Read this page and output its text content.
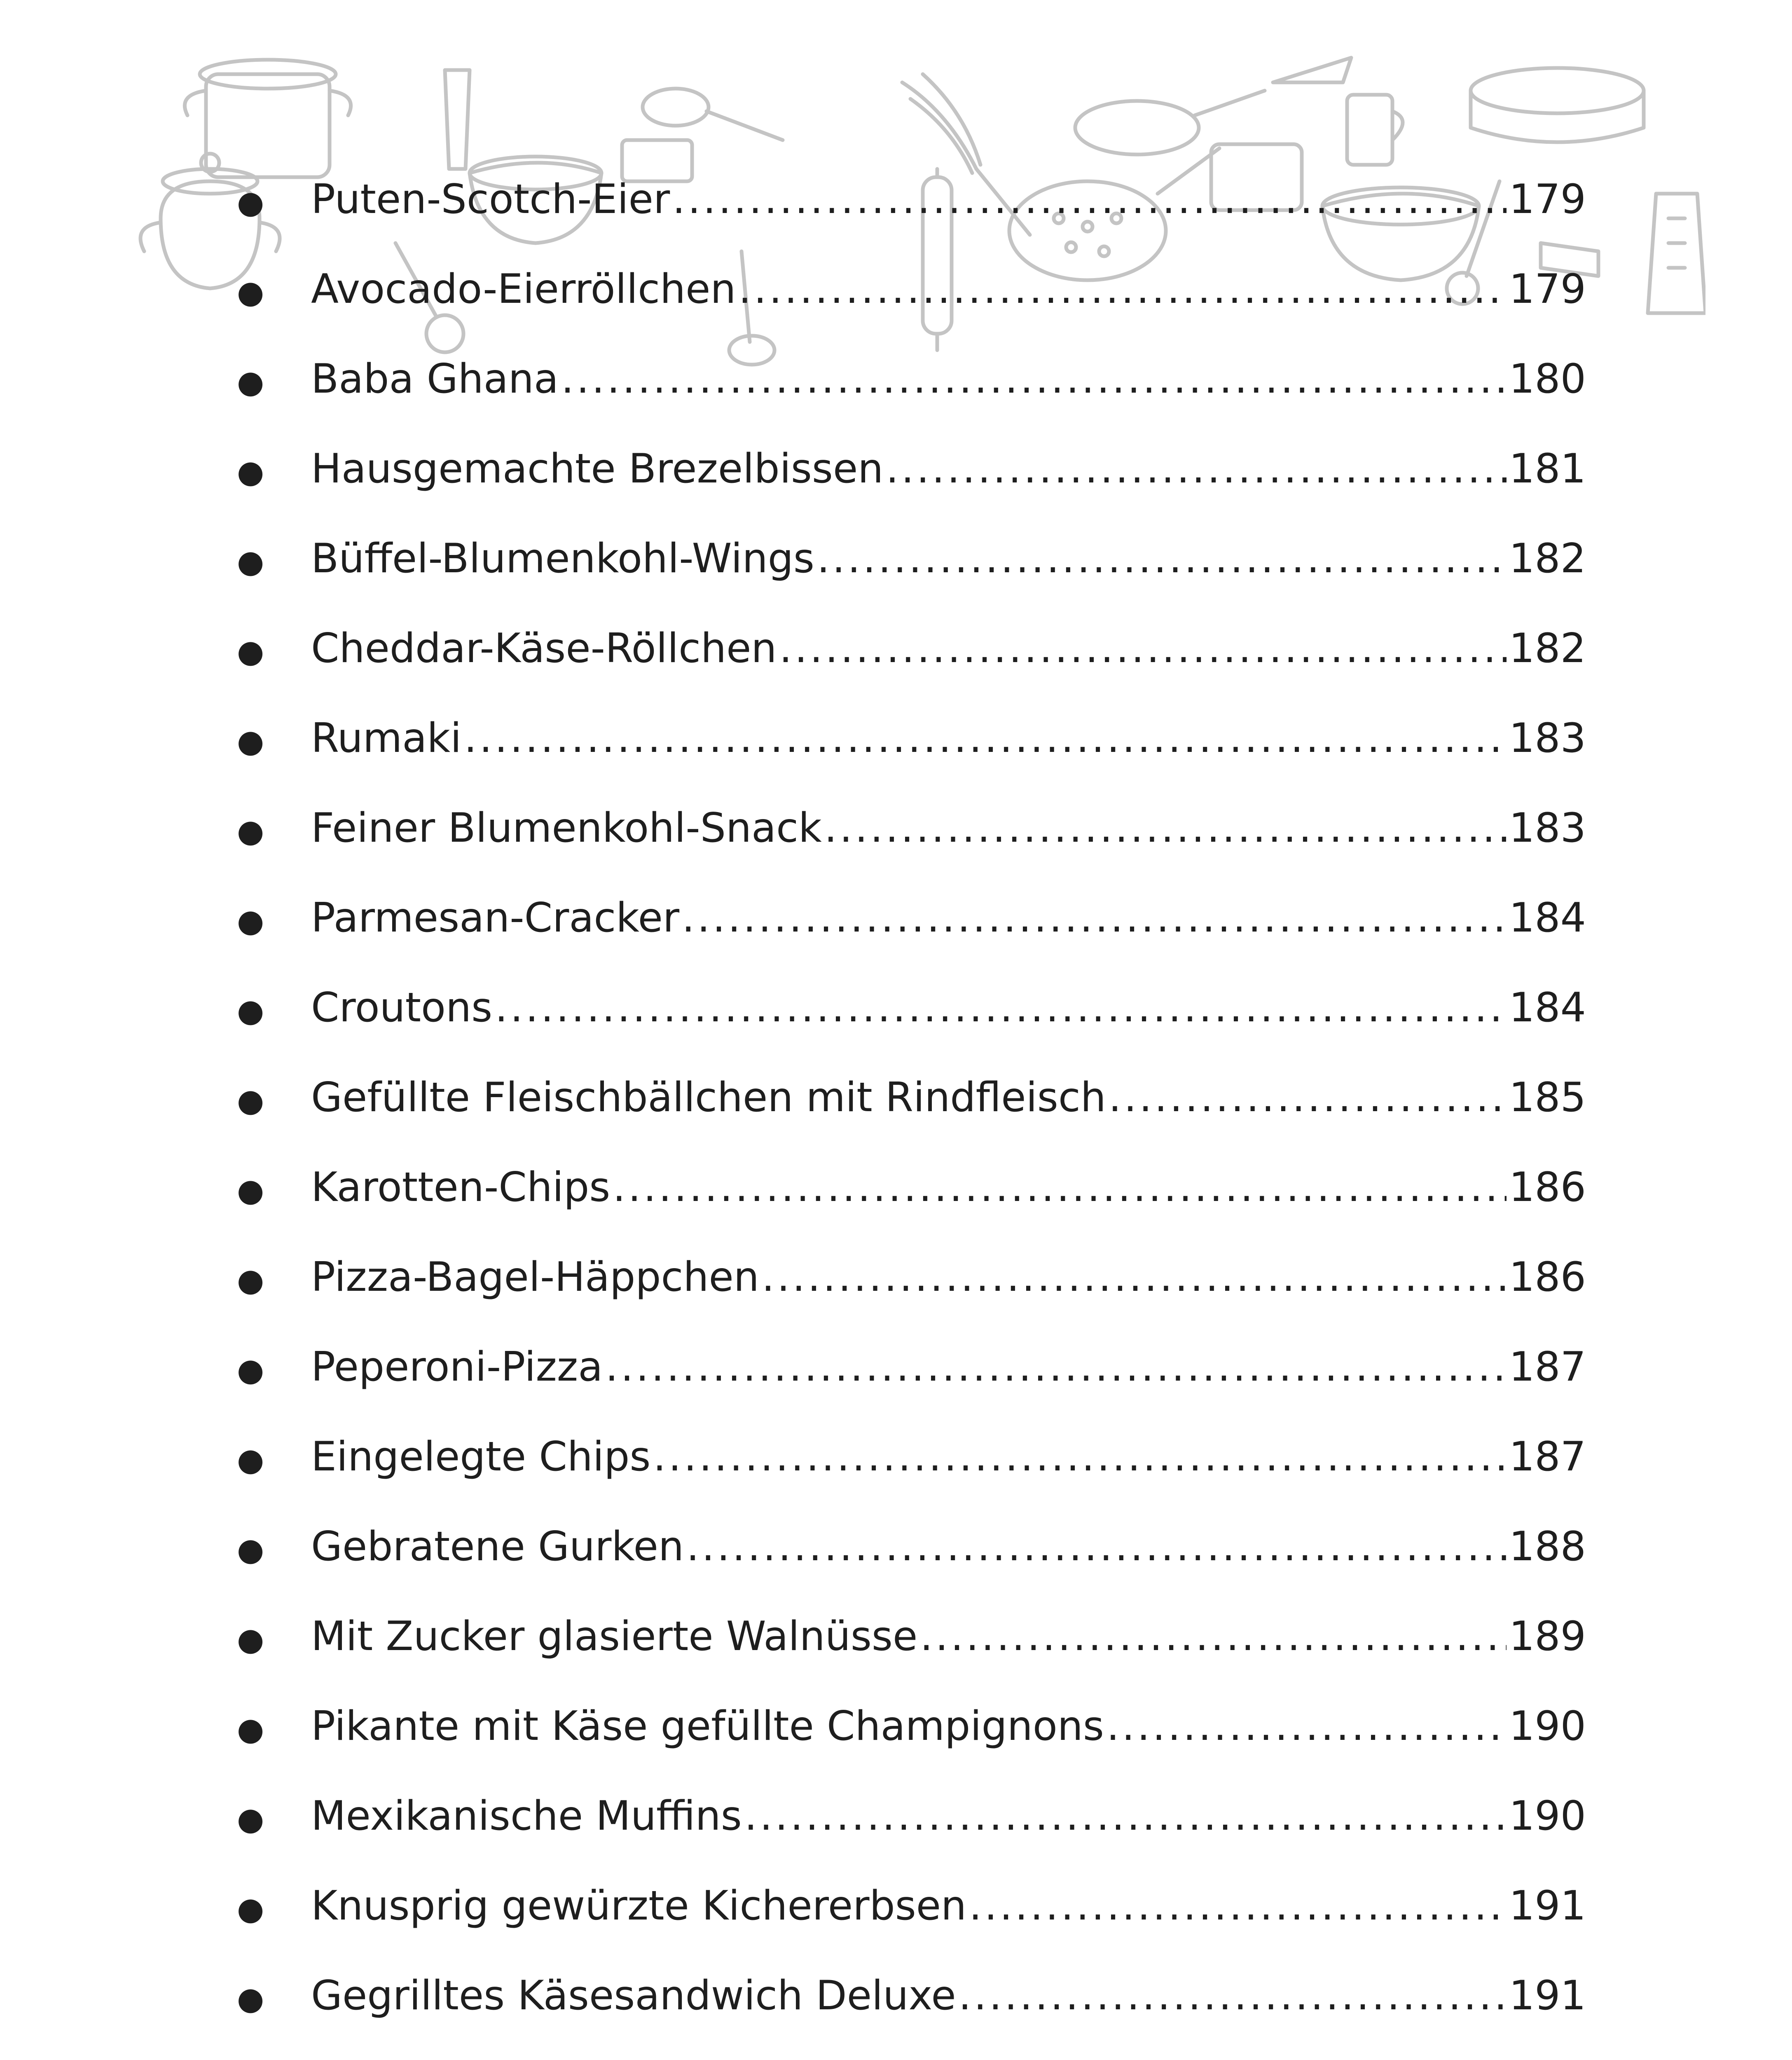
●	Puten-Scotch-Eier .....	179
●	Avocado-Eierröllchen .....	179
●	Baba Ghana .....	180
●	Hausgemachte Brezelbissen .....	181
●	Büffel-Blumenkohl-Wings .....	182
●	Cheddar-Käse-Röllchen .....	182
●	Rumaki .....	183
●	Feiner Blumenkohl-Snack .....	183
●	Parmesan-Cracker .....	184
●	Croutons .....	184
●	Gefüllte Fleischbällchen mit Rindfleisch .....	185
●	Karotten-Chips .....	186
●	Pizza-Bagel-Häppchen .....	186
●	Peperoni-Pizza .....	187
●	Eingelegte Chips .....	187
●	Gebratene Gurken .....	188
●	Mit Zucker glasierte Walnüsse .....	189
●	Pikante mit Käse gefüllte Champignons .....	190
●	Mexikanische Muffins .....	190
●	Knusprig gewürzte Kichererbsen .....	191
●	Gegrilltes Käsesandwich Deluxe .....	191
.....
